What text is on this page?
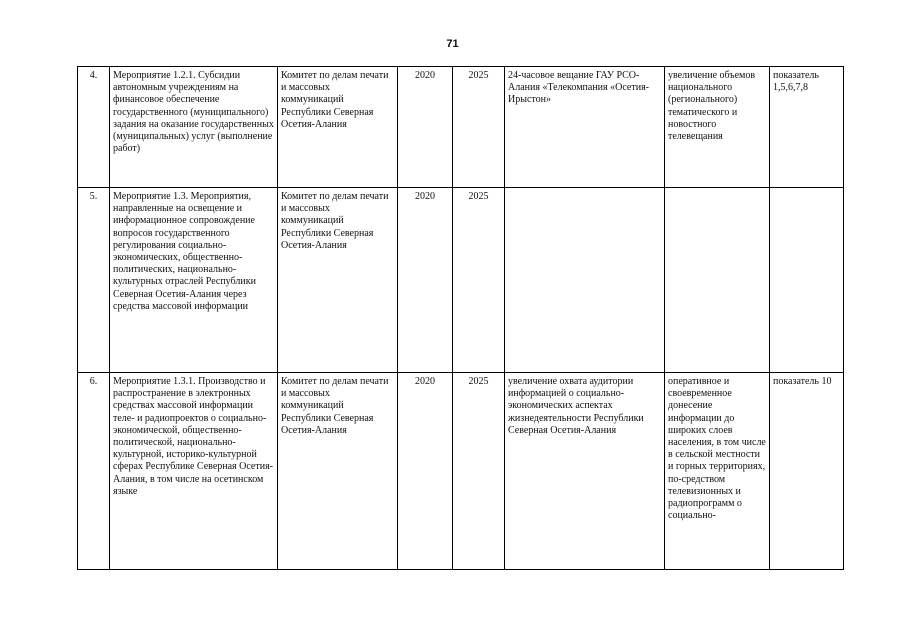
71
4.	Мероприятие 1.2.1. Субсидии автономным учреждениям на финансовое обеспечение государственного (муниципального) задания на оказание государственных (муниципальных) услуг (выполнение работ)	Комитет по делам печати и массовых коммуникаций Республики Северная Осетия-Алания	2020	2025	24-часовое вещание ГАУ РСО-Алания «Телекомпания «Осетия-Ирыстон»	увеличение объемов национального (регионального) тематического и новостного телевещания	показатель 1,5,6,7,8
5.	Мероприятие 1.3. Мероприятия, направленные на освещение и информационное сопровождение вопросов государственного регулирования социально-экономических, общественно-политических, национально-культурных отраслей Республики Северная Осетия-Алания через средства массовой информации	Комитет по делам печати и массовых коммуникаций Республики Северная Осетия-Алания	2020	2025			
6.	Мероприятие 1.3.1. Производство и распространение в электронных средствах массовой информации теле- и радиопроектов о социально-экономической, общественно-политической, национально-культурной, историко-культурной сферах Республике Северная Осетия-Алания, в том числе на осетинском языке	Комитет по делам печати и массовых коммуникаций Республики Северная Осетия-Алания	2020	2025	увеличение охвата аудитории информацией о социально-экономических аспектах жизнедеятельности Республики Северная Осетия-Алания	оперативное и своевременное донесение информации до широких слоев населения, в том числе в сельской местности и горных территориях, по-средством телевизионных и радиопрограмм о социально-	показатель 10
